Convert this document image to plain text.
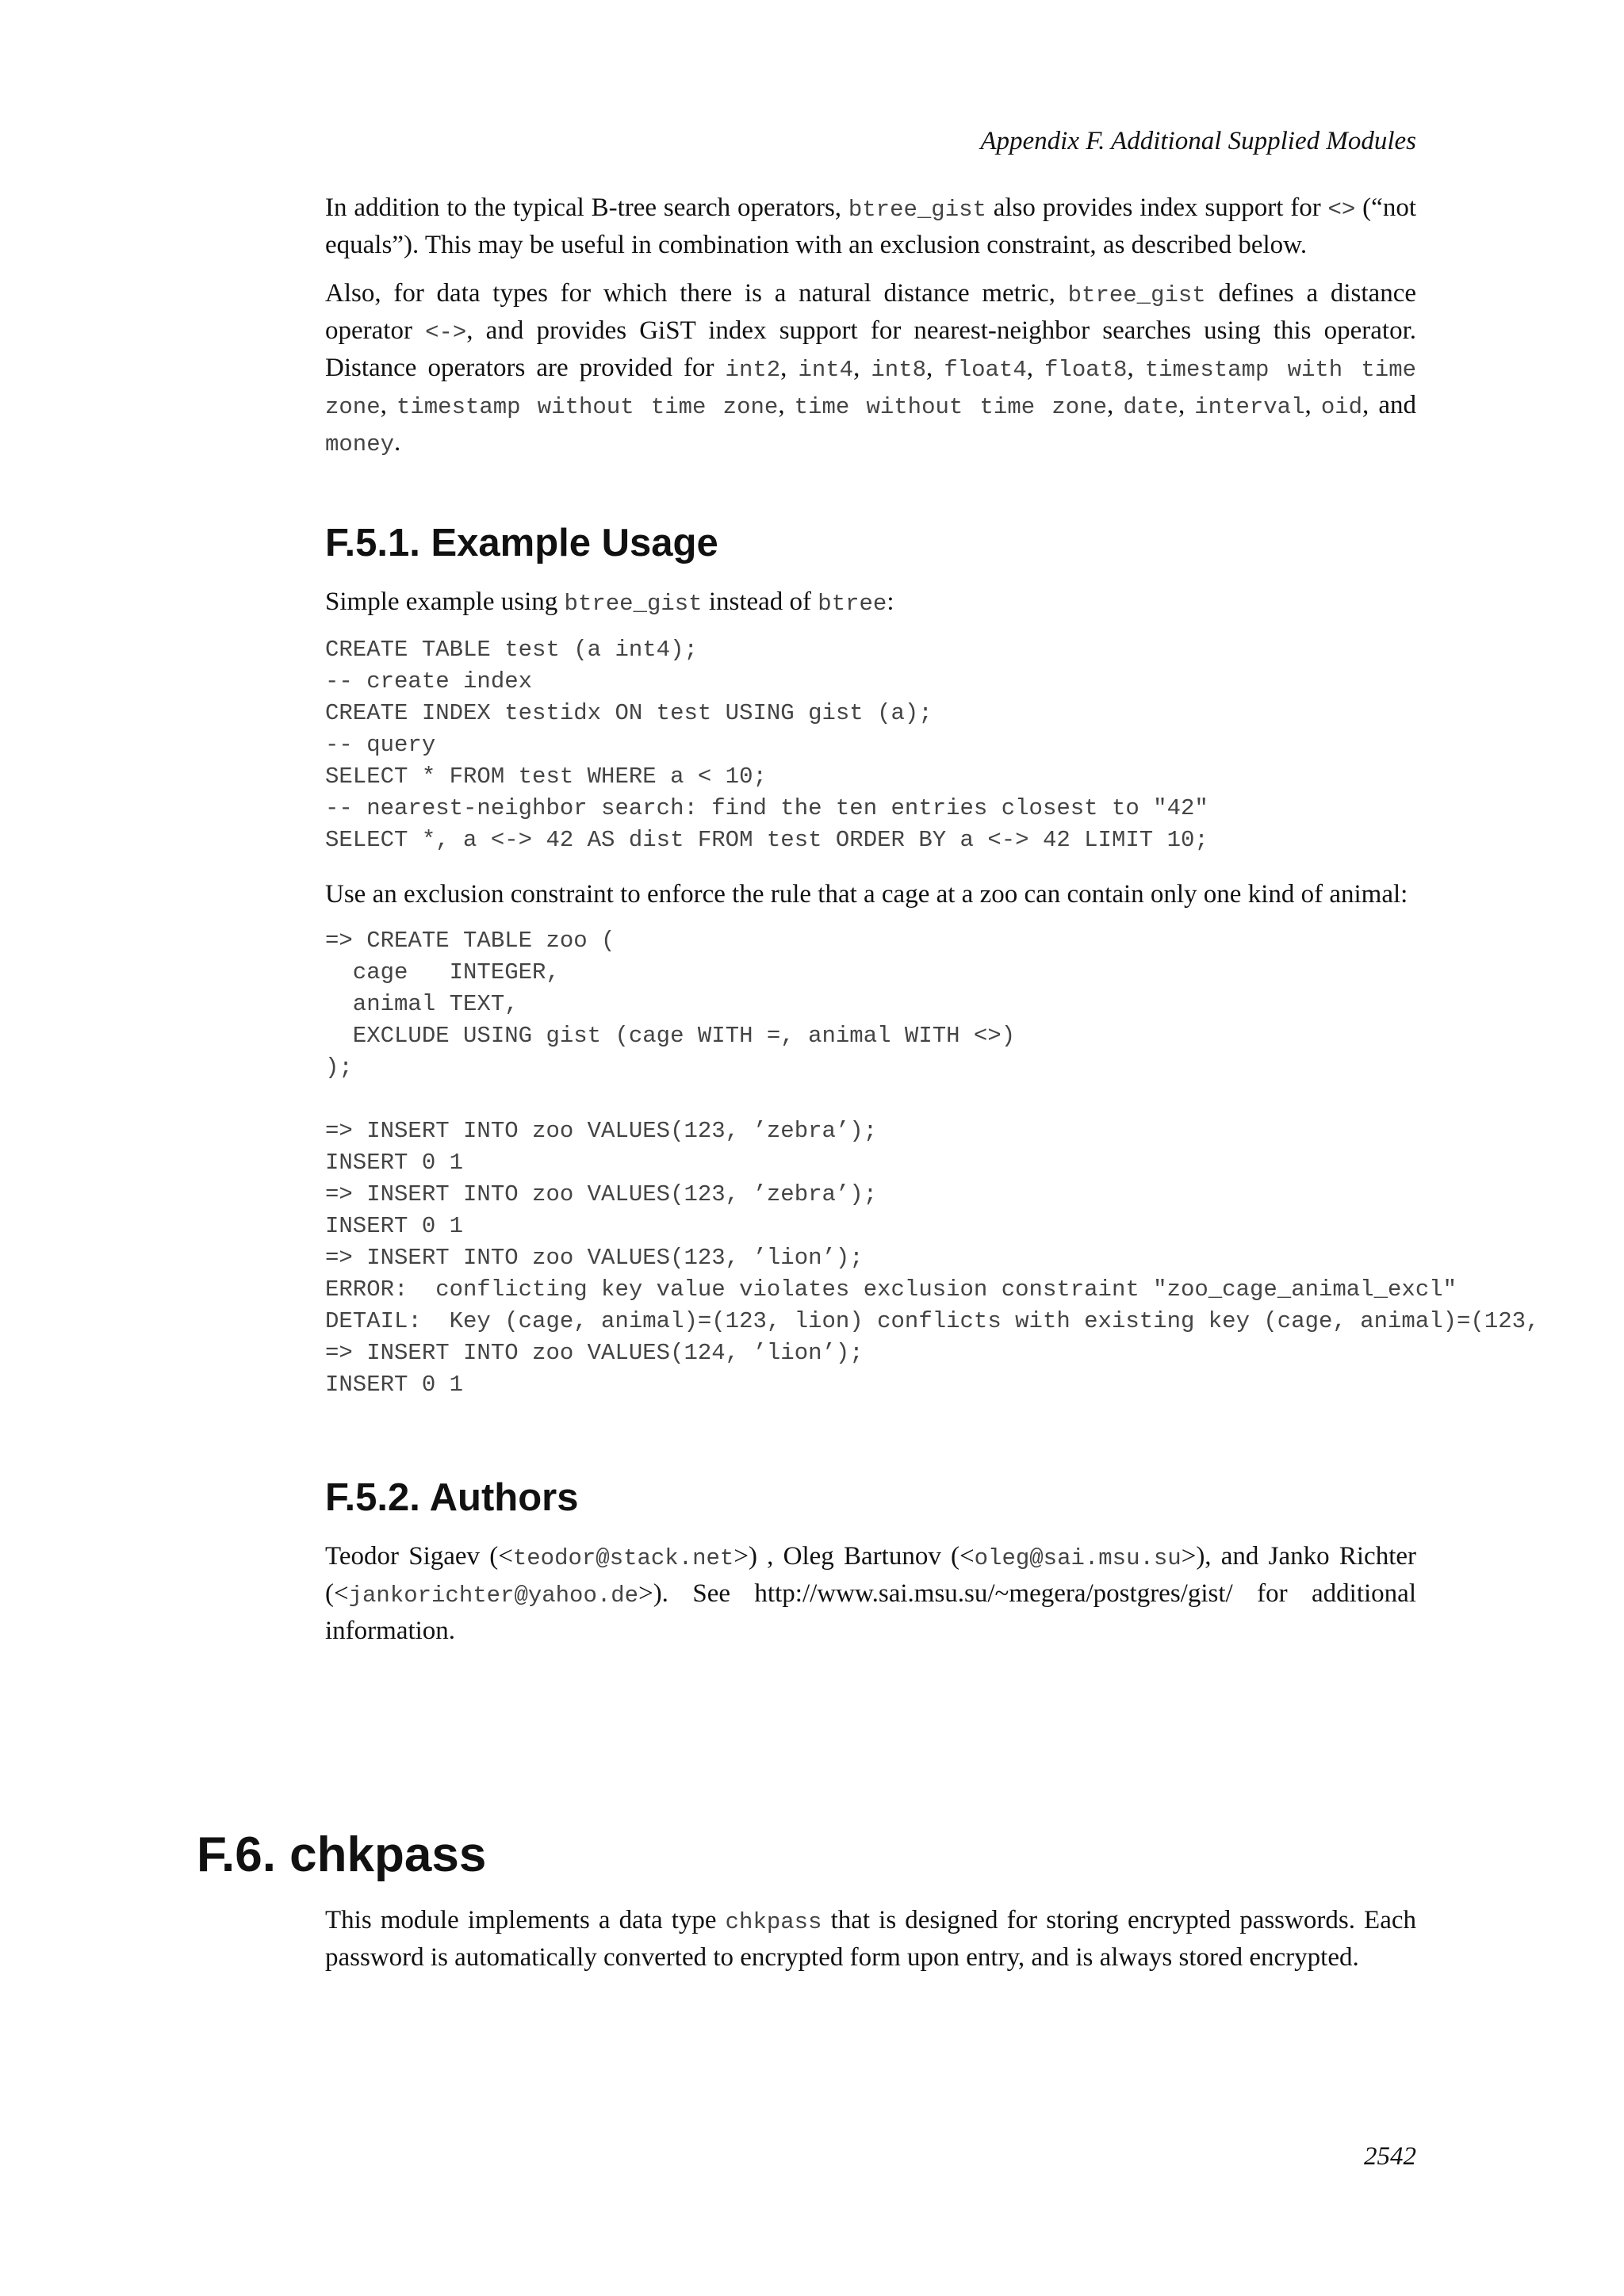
Appendix F. Additional Supplied Modules

In addition to the typical B-tree search operators, btree_gist also provides index support for <> (“not equals”). This may be useful in combination with an exclusion constraint, as described below.

Also, for data types for which there is a natural distance metric, btree_gist defines a distance operator <->, and provides GiST index support for nearest-neighbor searches using this operator. Distance operators are provided for int2, int4, int8, float4, float8, timestamp with time zone, timestamp without time zone, time without time zone, date, interval, oid, and money.

F.5.1. Example Usage

Simple example using btree_gist instead of btree:

CREATE TABLE test (a int4);
-- create index
CREATE INDEX testidx ON test USING gist (a);
-- query
SELECT * FROM test WHERE a < 10;
-- nearest-neighbor search: find the ten entries closest to "42"
SELECT *, a <-> 42 AS dist FROM test ORDER BY a <-> 42 LIMIT 10;

Use an exclusion constraint to enforce the rule that a cage at a zoo can contain only one kind of animal:

=> CREATE TABLE zoo (
cage   INTEGER,
animal TEXT,
EXCLUDE USING gist (cage WITH =, animal WITH <>)
);

=> INSERT INTO zoo VALUES(123, ’zebra’);
INSERT 0 1
=> INSERT INTO zoo VALUES(123, ’zebra’);
INSERT 0 1
=> INSERT INTO zoo VALUES(123, ’lion’);
ERROR:  conflicting key value violates exclusion constraint "zoo_cage_animal_excl"
DETAIL:  Key (cage, animal)=(123, lion) conflicts with existing key (cage, animal)=(123,
=> INSERT INTO zoo VALUES(124, ’lion’);
INSERT 0 1
F.5.2. Authors

Teodor Sigaev (<teodor@stack.net>) , Oleg Bartunov (<oleg@sai.msu.su>), and Janko Richter (<jankorichter@yahoo.de>). See http://www.sai.msu.su/~megera/postgres/gist/ for additional information.

F.6. chkpass

This module implements a data type chkpass that is designed for storing encrypted passwords. Each password is automatically converted to encrypted form upon entry, and is always stored encrypted.

2542
